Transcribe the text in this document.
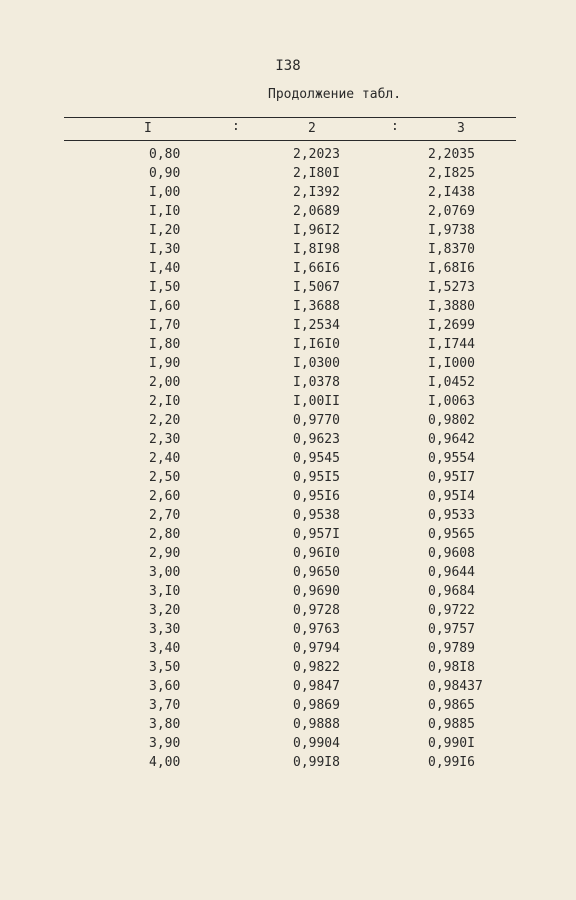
I38
Продолжение табл.
I	:	2	:	3
0,80	2,2023	2,2035
0,90	2,I80I	2,I825
I,00	2,I392	2,I438
I,I0	2,0689	2,0769
I,20	I,96I2	I,9738
I,30	I,8I98	I,8370
I,40	I,66I6	I,68I6
I,50	I,5067	I,5273
I,60	I,3688	I,3880
I,70	I,2534	I,2699
I,80	I,I6I0	I,I744
I,90	I,0300	I,I000
2,00	I,0378	I,0452
2,I0	I,00II	I,0063
2,20	0,9770	0,9802
2,30	0,9623	0,9642
2,40	0,9545	0,9554
2,50	0,95I5	0,95I7
2,60	0,95I6	0,95I4
2,70	0,9538	0,9533
2,80	0,957I	0,9565
2,90	0,96I0	0,9608
3,00	0,9650	0,9644
3,I0	0,9690	0,9684
3,20	0,9728	0,9722
3,30	0,9763	0,9757
3,40	0,9794	0,9789
3,50	0,9822	0,98I8
3,60	0,9847	0,98437
3,70	0,9869	0,9865
3,80	0,9888	0,9885
3,90	0,9904	0,990I
4,00	0,99I8	0,99I6
